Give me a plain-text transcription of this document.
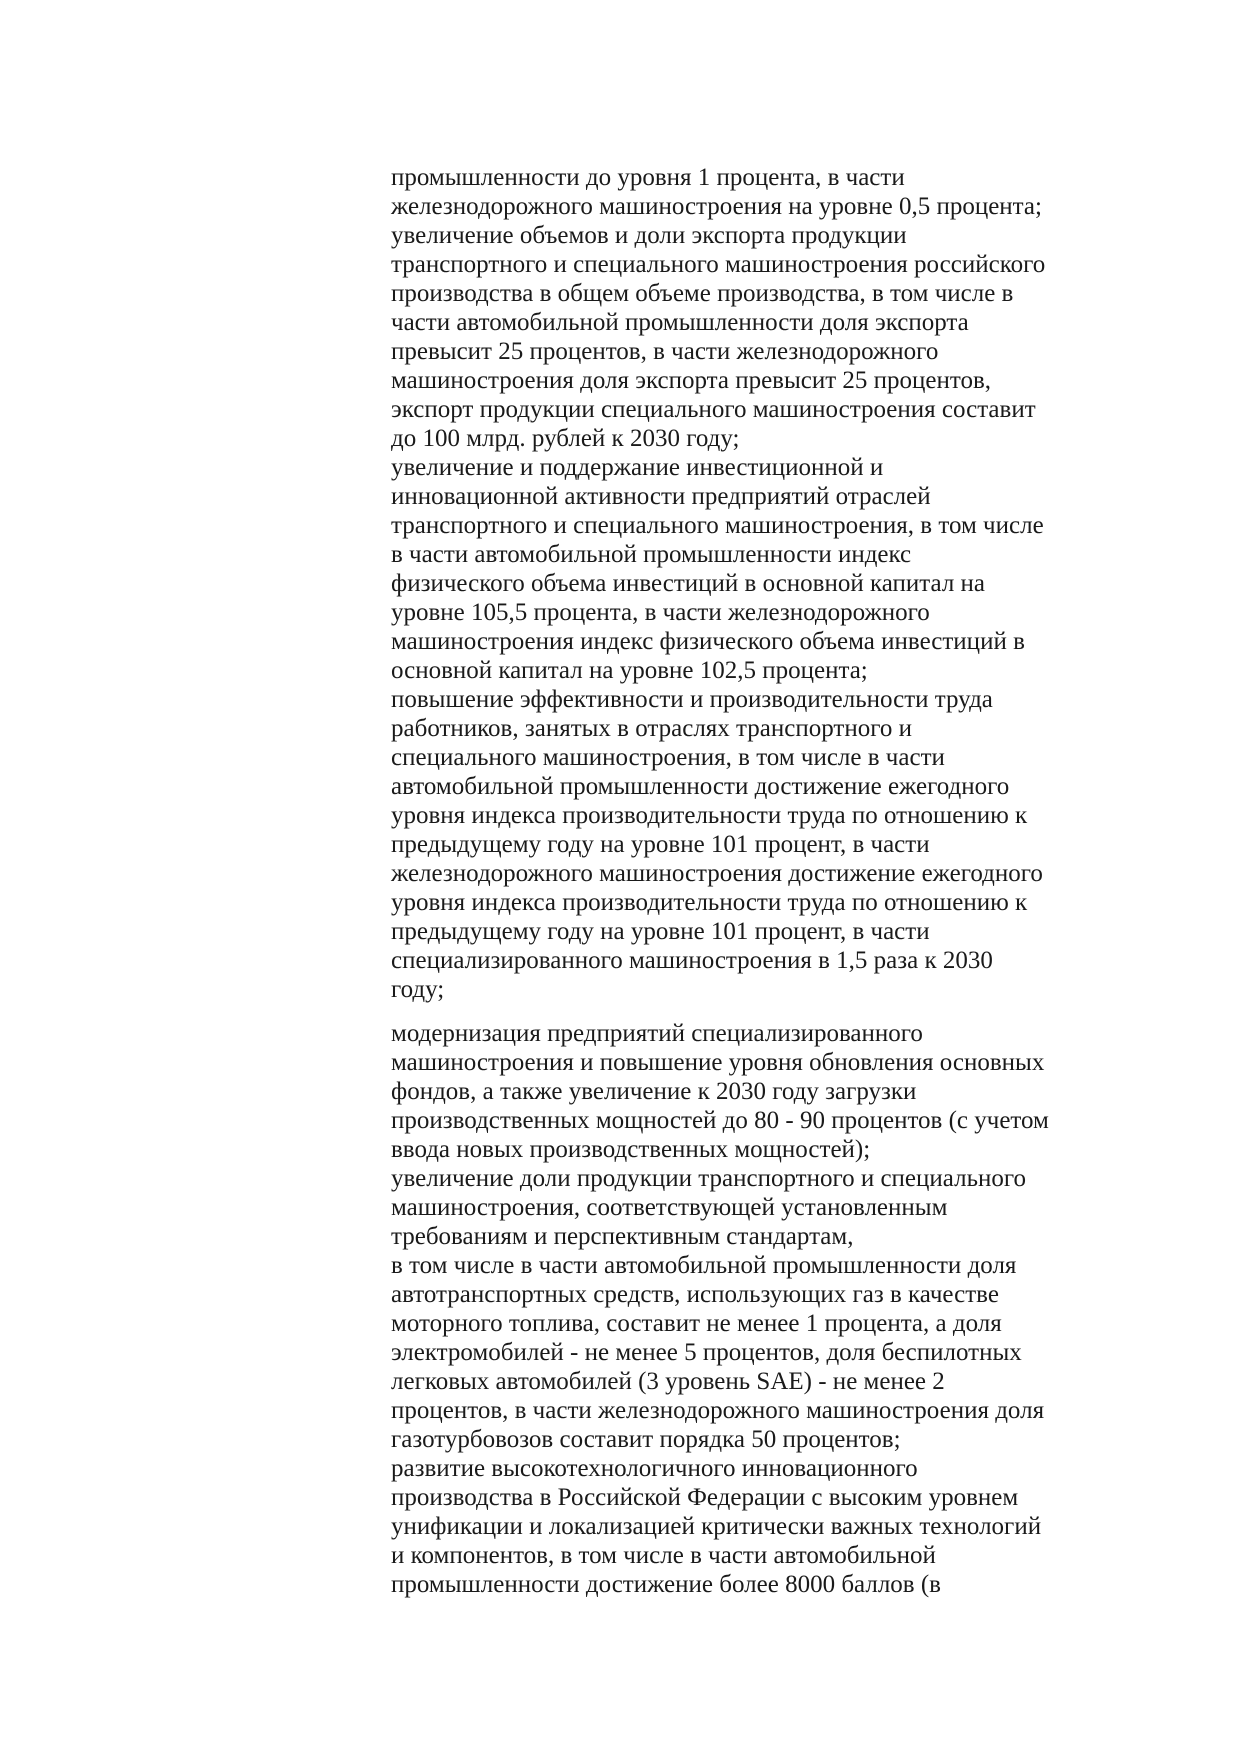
промышленности до уровня 1 процента, в части
железнодорожного машиностроения на уровне 0,5 процента;
увеличение объемов и доли экспорта продукции
транспортного и специального машиностроения российского
производства в общем объеме производства, в том числе в
части автомобильной промышленности доля экспорта
превысит 25 процентов, в части железнодорожного
машиностроения доля экспорта превысит 25 процентов,
экспорт продукции специального машиностроения составит
до 100 млрд. рублей к 2030 году;
увеличение и поддержание инвестиционной и
инновационной активности предприятий отраслей
транспортного и специального машиностроения, в том числе
в части автомобильной промышленности индекс
физического объема инвестиций в основной капитал на
уровне 105,5 процента, в части железнодорожного
машиностроения индекс физического объема инвестиций в
основной капитал на уровне 102,5 процента;
повышение эффективности и производительности труда
работников, занятых в отраслях транспортного и
специального машиностроения, в том числе в части
автомобильной промышленности достижение ежегодного
уровня индекса производительности труда по отношению к
предыдущему году на уровне 101 процент, в части
железнодорожного машиностроения достижение ежегодного
уровня индекса производительности труда по отношению к
предыдущему году на уровне 101 процент, в части
специализированного машиностроения в 1,5 раза к 2030
году;
модернизация предприятий специализированного
машиностроения и повышение уровня обновления основных
фондов, а также увеличение к 2030 году загрузки
производственных мощностей до 80 - 90 процентов (с учетом
ввода новых производственных мощностей);
увеличение доли продукции транспортного и специального
машиностроения, соответствующей установленным
требованиям и перспективным стандартам,
в том числе в части автомобильной промышленности доля
автотранспортных средств, использующих газ в качестве
моторного топлива, составит не менее 1 процента, а доля
электромобилей - не менее 5 процентов, доля беспилотных
легковых автомобилей (3 уровень SAE) - не менее 2
процентов, в части железнодорожного машиностроения доля
газотурбовозов составит порядка 50 процентов;
развитие высокотехнологичного инновационного
производства в Российской Федерации с высоким уровнем
унификации и локализацией критически важных технологий
и компонентов, в том числе в части автомобильной
промышленности достижение более 8000 баллов (в
